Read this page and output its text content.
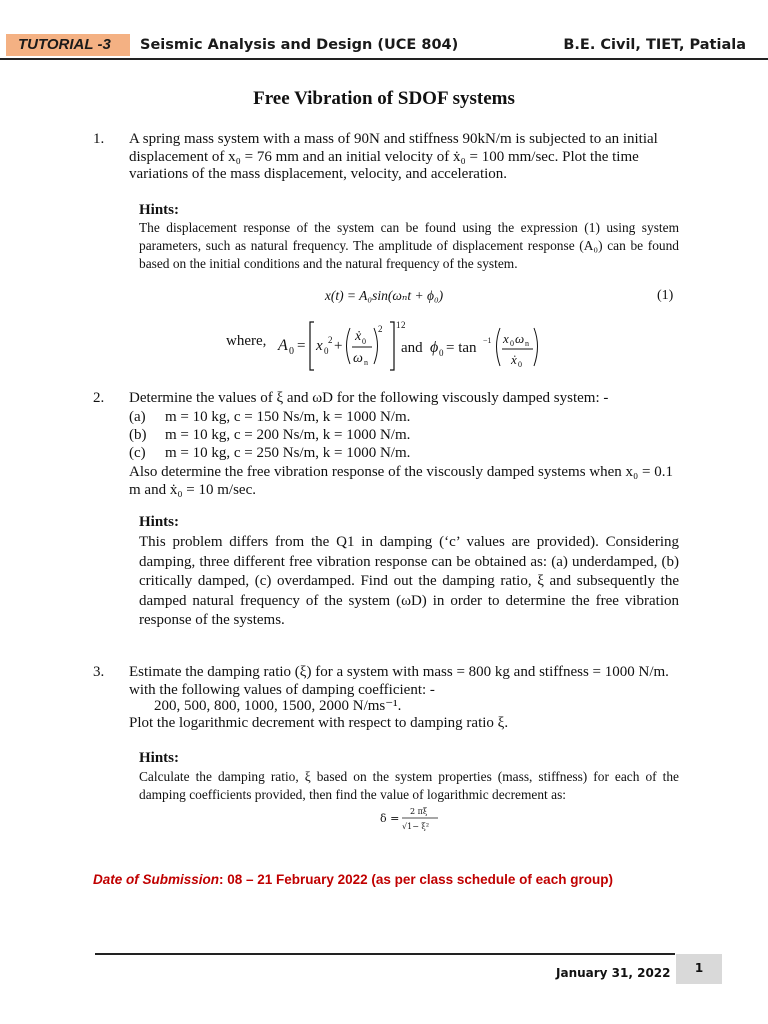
TUTORIAL -3	Seismic Analysis and Design (UCE 804)	B.E. Civil, TIET, Patiala
Free Vibration of SDOF systems
1. A spring mass system with a mass of 90N and stiffness 90kN/m is subjected to an initial displacement of x₀ = 76 mm and an initial velocity of ẋ₀ = 100 mm/sec. Plot the time variations of the mass displacement, velocity, and acceleration.
Hints:
The displacement response of the system can be found using the expression (1) using system parameters, such as natural frequency. The amplitude of displacement response (A₀) can be found based on the initial conditions and the natural frequency of the system.
x(t) = A₀sin(ωₙt + ϕ₀)	(1)
where, A 0 =
1 2
x 0
2 +
ẋ 0
ω n
2
and ϕ 0 = tan −1 x 0 ω n
ẋ 0
2. Determine the values of ξ and ωD for the following viscously damped system: -
(a) m = 10 kg, c = 150 Ns/m, k = 1000 N/m.
(b) m = 10 kg, c = 200 Ns/m, k = 1000 N/m.
(c) m = 10 kg, c = 250 Ns/m, k = 1000 N/m.
Also determine the free vibration response of the viscously damped systems when x₀ = 0.1 m and ẋ₀ = 10 m/sec.
Hints:
This problem differs from the Q1 in damping (‘c’ values are provided). Considering damping, three different free vibration response can be obtained as: (a) underdamped, (b) critically damped, (c) overdamped. Find out the damping ratio, ξ and subsequently the damped natural frequency of the system (ωD) in order to determine the free vibration response of the systems.
3. Estimate the damping ratio (ξ) for a system with mass = 800 kg and stiffness = 1000 N/m. with the following values of damping coefficient: -
200, 500, 800, 1000, 1500, 2000 N/ms⁻¹.
Plot the logarithmic decrement with respect to damping ratio ξ.
Hints:
Calculate the damping ratio, ξ based on the system properties (mass, stiffness) for each of the damping coefficients provided, then find the value of logarithmic decrement as:
δ =
2 πξ
√1− ξ²
Date of Submission: 08 – 21 February 2022 (as per class schedule of each group)
January 31, 2022	1
